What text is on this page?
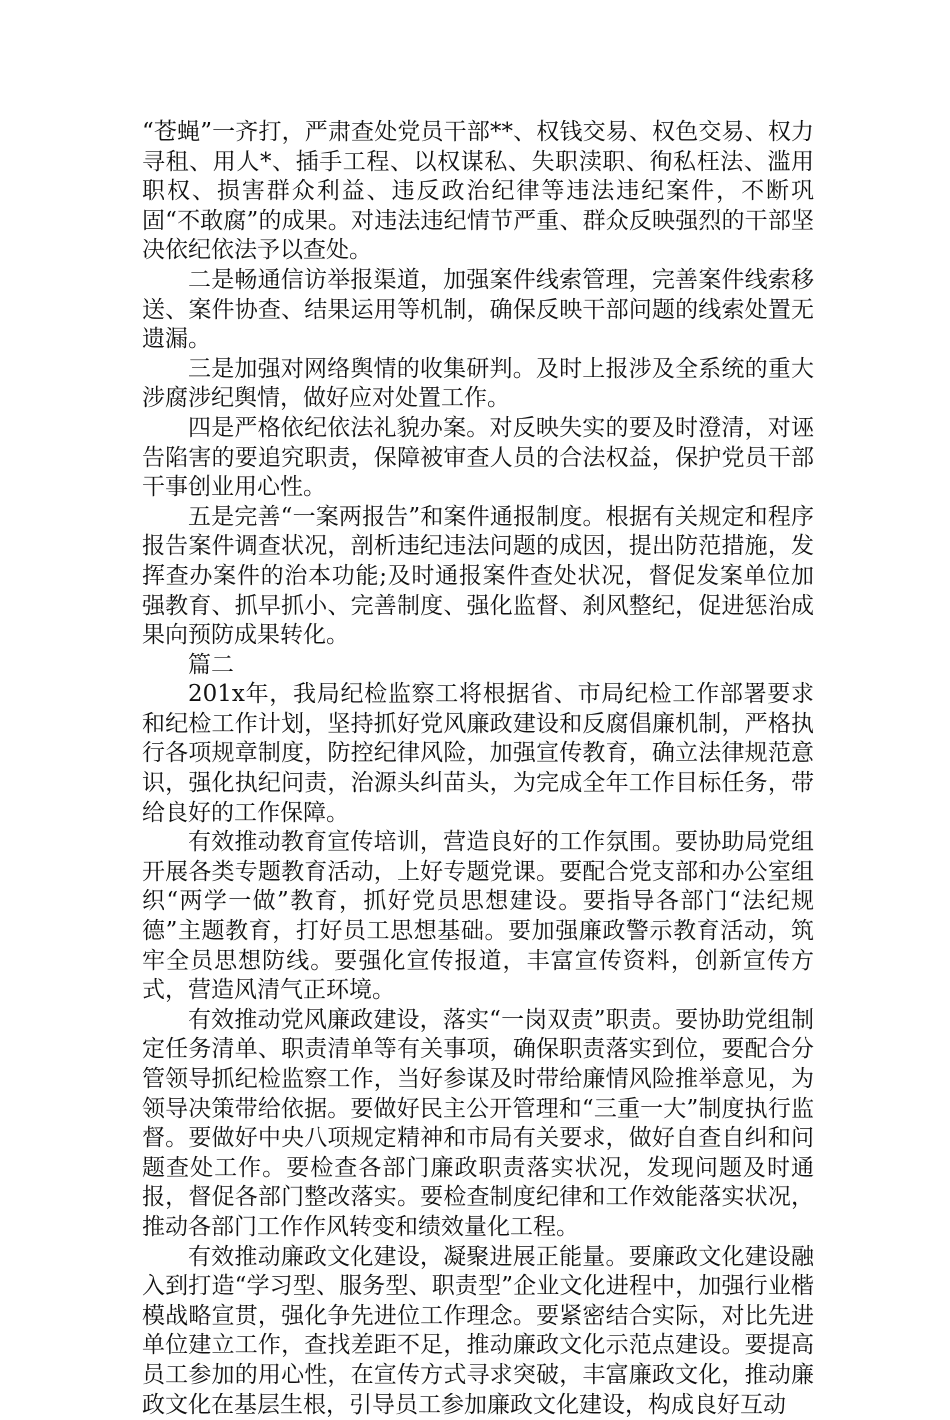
“苍蝇”一齐打，严肃查处党员干部**、权钱交易、权色交易、权力寻租、用人*、插手工程、以权谋私、失职渎职、徇私枉法、滥用职权、损害群众利益、违反政治纪律等违法违纪案件，不断巩固“不敢腐”的成果。对违法违纪情节严重、群众反映强烈的干部坚决依纪依法予以查处。

二是畅通信访举报渠道，加强案件线索管理，完善案件线索移送、案件协查、结果运用等机制，确保反映干部问题的线索处置无遗漏。

三是加强对网络舆情的收集研判。及时上报涉及全系统的重大涉腐涉纪舆情，做好应对处置工作。

四是严格依纪依法礼貌办案。对反映失实的要及时澄清，对诬告陷害的要追究职责，保障被审查人员的合法权益，保护党员干部干事创业用心性。

五是完善“一案两报告”和案件通报制度。根据有关规定和程序报告案件调查状况，剖析违纪违法问题的成因，提出防范措施，发挥查办案件的治本功能;及时通报案件查处状况，督促发案单位加强教育、抓早抓小、完善制度、强化监督、刹风整纪，促进惩治成果向预防成果转化。

篇二

201x年，我局纪检监察工将根据省、市局纪检工作部署要求和纪检工作计划，坚持抓好党风廉政建设和反腐倡廉机制，严格执行各项规章制度，防控纪律风险，加强宣传教育，确立法律规范意识，强化执纪问责，治源头纠苗头，为完成全年工作目标任务，带给良好的工作保障。

有效推动教育宣传培训，营造良好的工作氛围。要协助局党组开展各类专题教育活动，上好专题党课。要配合党支部和办公室组织“两学一做”教育，抓好党员思想建设。要指导各部门“法纪规德”主题教育，打好员工思想基础。要加强廉政警示教育活动，筑牢全员思想防线。要强化宣传报道，丰富宣传资料，创新宣传方式，营造风清气正环境。

有效推动党风廉政建设，落实“一岗双责”职责。要协助党组制定任务清单、职责清单等有关事项，确保职责落实到位，要配合分管领导抓纪检监察工作，当好参谋及时带给廉情风险推举意见，为领导决策带给依据。要做好民主公开管理和“三重一大”制度执行监督。要做好中央八项规定精神和市局有关要求，做好自查自纠和问题查处工作。要检查各部门廉政职责落实状况，发现问题及时通报，督促各部门整改落实。要检查制度纪律和工作效能落实状况，推动各部门工作作风转变和绩效量化工程。

有效推动廉政文化建设，凝聚进展正能量。要廉政文化建设融入到打造“学习型、服务型、职责型”企业文化进程中，加强行业楷模战略宣贯，强化争先进位工作理念。要紧密结合实际，对比先进单位建立工作，查找差距不足，推动廉政文化示范点建设。要提高员工参加的用心性，在宣传方式寻求突破，丰富廉政文化，推动廉政文化在基层生根，引导员工参加廉政文化建设，构成良好互动
